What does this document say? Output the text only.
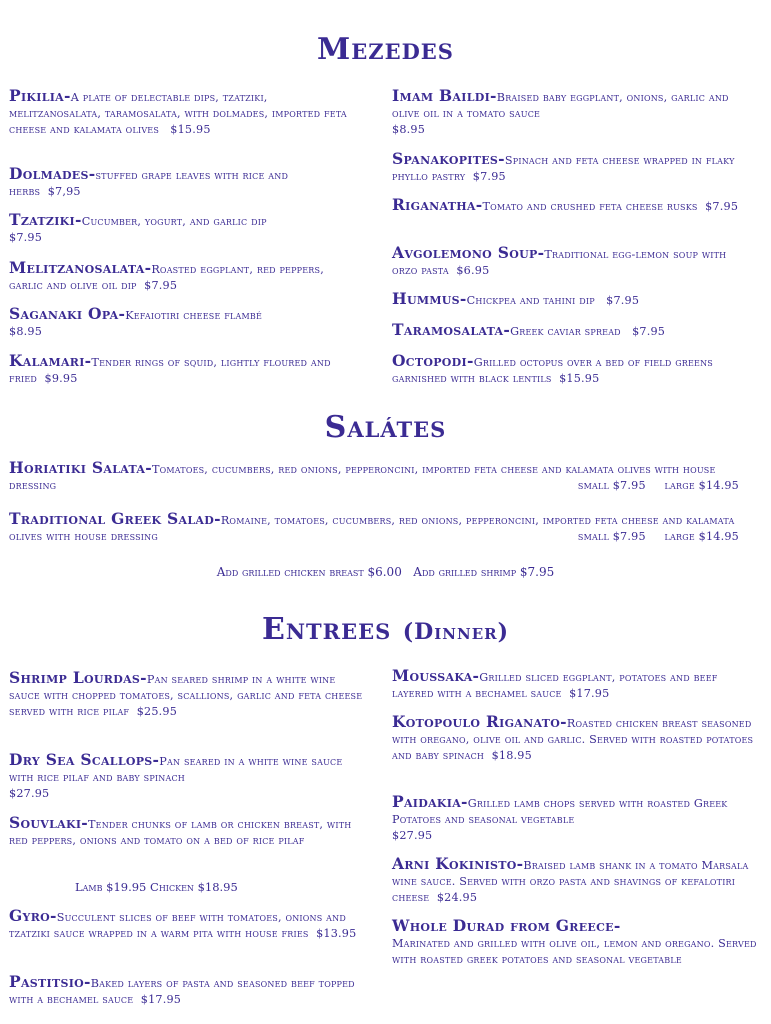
Mezedes
Pikilia-A plate of delectable dips, tzatziki, melitzanosalata, taramosalata, with dolmades, imported feta cheese and kalamata olives $15.95
Dolmades-stuffed grape leaves with rice and herbs $7,95
Tzatziki-Cucumber, yogurt, and garlic dip
$7.95
Melitzanosalata-Roasted eggplant, red peppers, garlic and olive oil dip $7.95
Saganaki Opa-Kefaiotiri cheese flambé
$8.95
Kalamari-Tender rings of squid, lightly floured and fried $9.95
Imam Baildi-Braised baby eggplant, onions, garlic and olive oil in a tomato sauce
$8.95
Spanakopites-Spinach and feta cheese wrapped in flaky phyllo pastry $7.95
Riganatha-Tomato and crushed feta cheese rusks $7.95
Avgolemono Soup-Traditional egg-lemon soup with orzo pasta $6.95
Hummus-Chickpea and tahini dip $7.95
Taramosalata-Greek caviar spread $7.95
Octopodi-Grilled octopus over a bed of field greens garnished with black lentils $15.95
Salátes
Horiatiki Salata-Tomatoes, cucumbers, red onions, pepperoncini, imported feta cheese and kalamata olives with house dressing	small $7.95 large $14.95
Traditional Greek Salad-Romaine, tomatoes, cucumbers, red onions, pepperoncini, imported feta cheese and kalamata olives with house dressing	small $7.95 large $14.95
Add grilled chicken breast $6.00 Add grilled shrimp $7.95
Entrees (Dinner)
Shrimp Lourdas-Pan seared shrimp in a white wine sauce with chopped tomatoes, scallions, garlic and feta cheese served with rice pilaf $25.95
Dry Sea Scallops-Pan seared in a white wine sauce with rice pilaf and baby spinach
$27.95
Souvlaki-Tender chunks of lamb or chicken breast, with red peppers, onions and tomato on a bed of rice pilaf
Lamb $19.95 Chicken $18.95
Gyro-Succulent slices of beef with tomatoes, onions and tzatziki sauce wrapped in a warm pita with house fries $13.95
Pastitsio-Baked layers of pasta and seasoned beef topped with a bechamel sauce $17.95
Moussaka-Grilled sliced eggplant, potatoes and beef layered with a bechamel sauce $17.95
Kotopoulo Riganato-Roasted chicken breast seasoned with oregano, olive oil and garlic. Served with roasted potatoes and baby spinach $18.95
Paidakia-Grilled lamb chops served with roasted Greek Potatoes and seasonal vegetable
$27.95
Arni Kokinisto-Braised lamb shank in a tomato Marsala wine sauce. Served with orzo pasta and shavings of kefalotiri cheese $24.95
Whole Durad from Greece-
Marinated and grilled with olive oil, lemon and oregano. Served with roasted greek potatoes and seasonal vegetable
